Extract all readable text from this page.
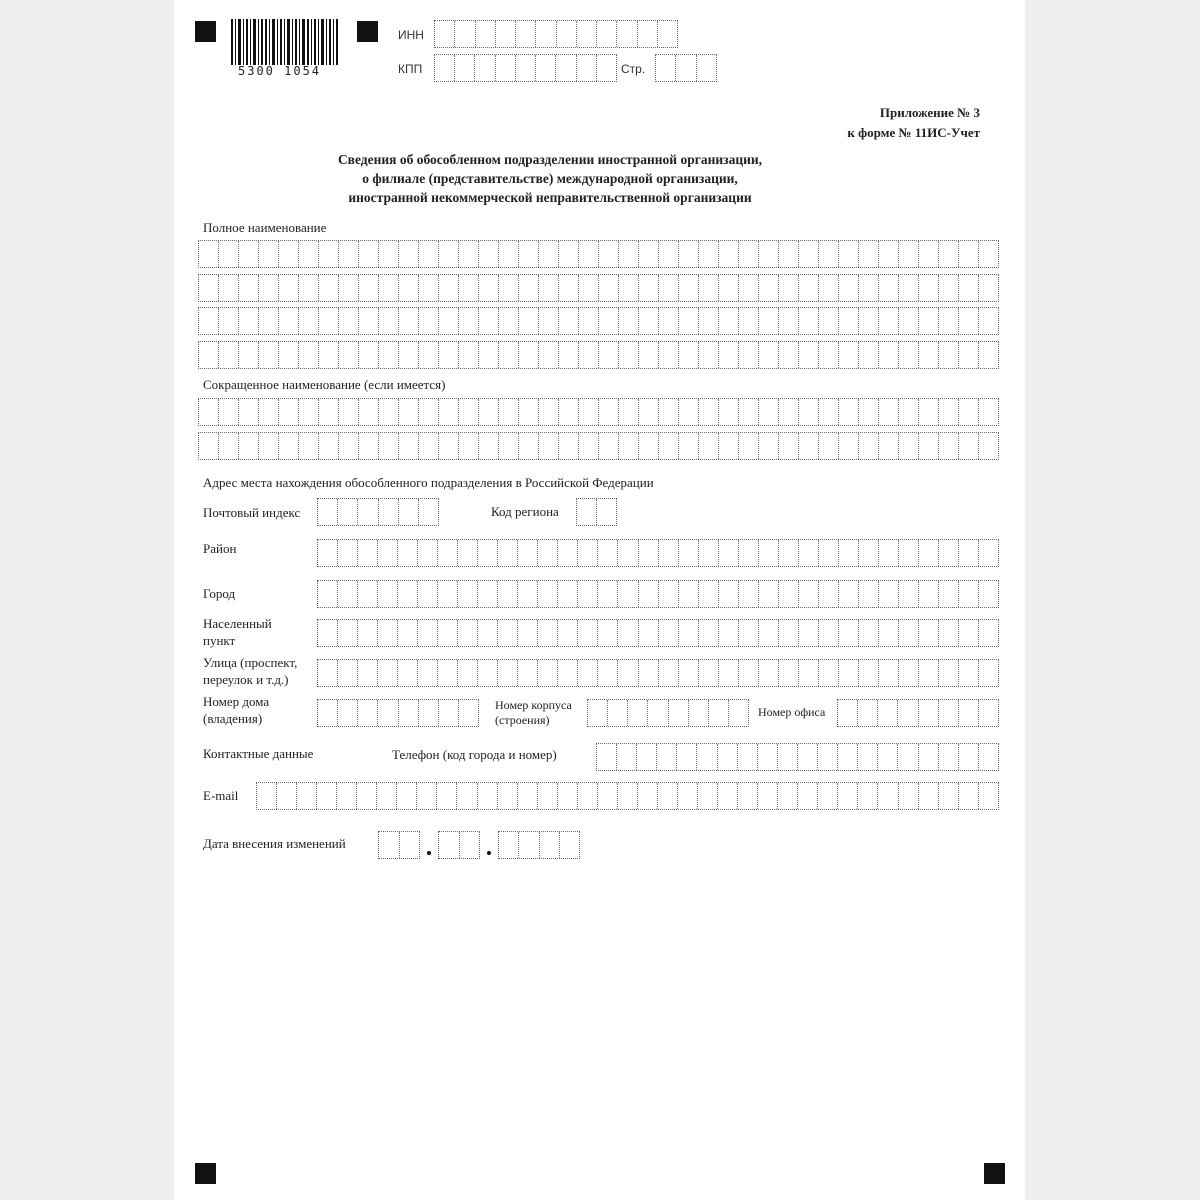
5300 1054
ИНН
КПП	Стр.
Приложение № 3
к форме № 11ИС-Учет
Сведения об обособленном подразделении иностранной организации,
о филиале (представительстве) международной организации,
иностранной некоммерческой неправительственной организации
Полное наименование
Сокращенное наименование (если имеется)
Адрес места нахождения обособленного подразделения в Российской Федерации
Почтовый индекс	Код региона
Район
Город
Населенный
пункт
Улица (проспект,
переулок и т.д.)
Номер дома
(владения)
Номер корпуса
(строения)
Номер офиса
Контактные данные	Телефон (код города и номер)
E-mail
Дата внесения изменений
